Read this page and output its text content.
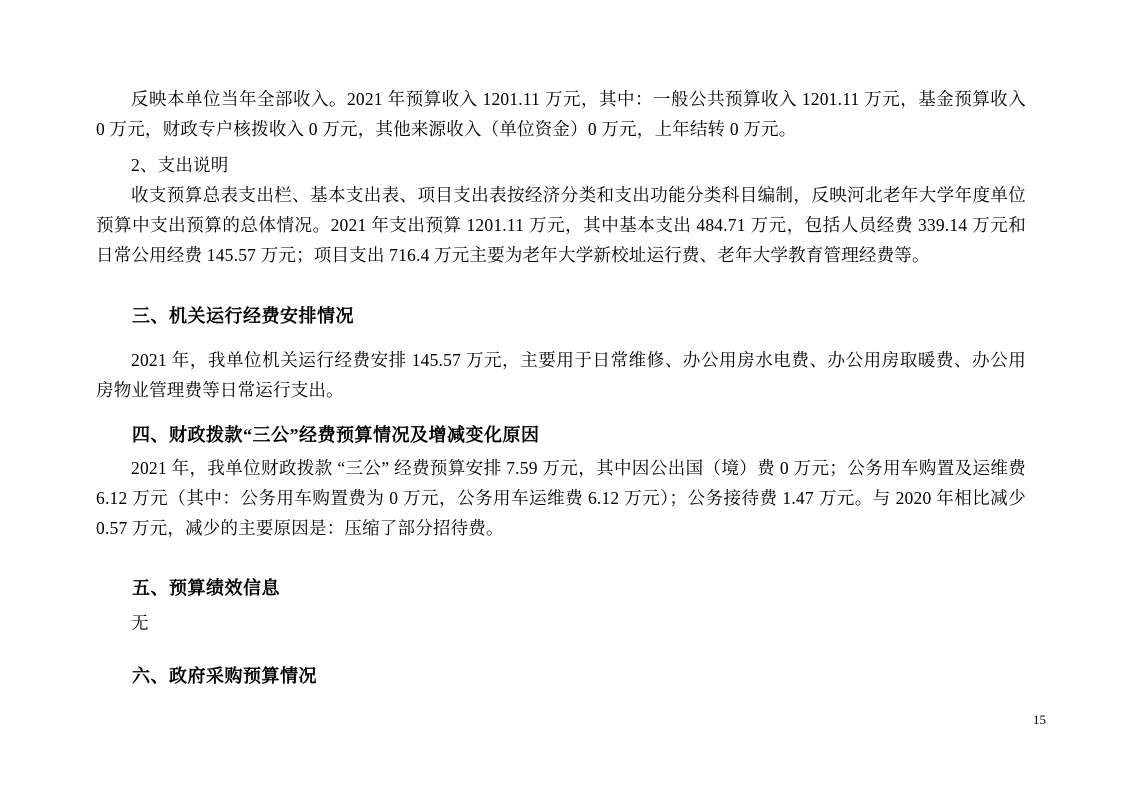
反映本单位当年全部收入。2021 年预算收入 1201.11 万元，其中：一般公共预算收入 1201.11 万元，基金预算收入 0 万元，财政专户核拨收入 0 万元，其他来源收入（单位资金）0 万元，上年结转 0 万元。

2、支出说明

收支预算总表支出栏、基本支出表、项目支出表按经济分类和支出功能分类科目编制，反映河北老年大学年度单位预算中支出预算的总体情况。2021 年支出预算 1201.11 万元，其中基本支出 484.71 万元，包括人员经费 339.14 万元和日常公用经费 145.57 万元；项目支出 716.4 万元主要为老年大学新校址运行费、老年大学教育管理经费等。

三、机关运行经费安排情况

2021 年，我单位机关运行经费安排 145.57 万元，主要用于日常维修、办公用房水电费、办公用房取暖费、办公用房物业管理费等日常运行支出。

四、财政拨款“三公”经费预算情况及增减变化原因

2021 年，我单位财政拨款 “三公” 经费预算安排 7.59 万元，其中因公出国（境）费 0 万元；公务用车购置及运维费 6.12 万元（其中：公务用车购置费为 0 万元，公务用车运维费 6.12 万元）；公务接待费 1.47 万元。与 2020 年相比减少 0.57 万元，减少的主要原因是：压缩了部分招待费。

五、预算绩效信息

无

六、政府采购预算情况

15
